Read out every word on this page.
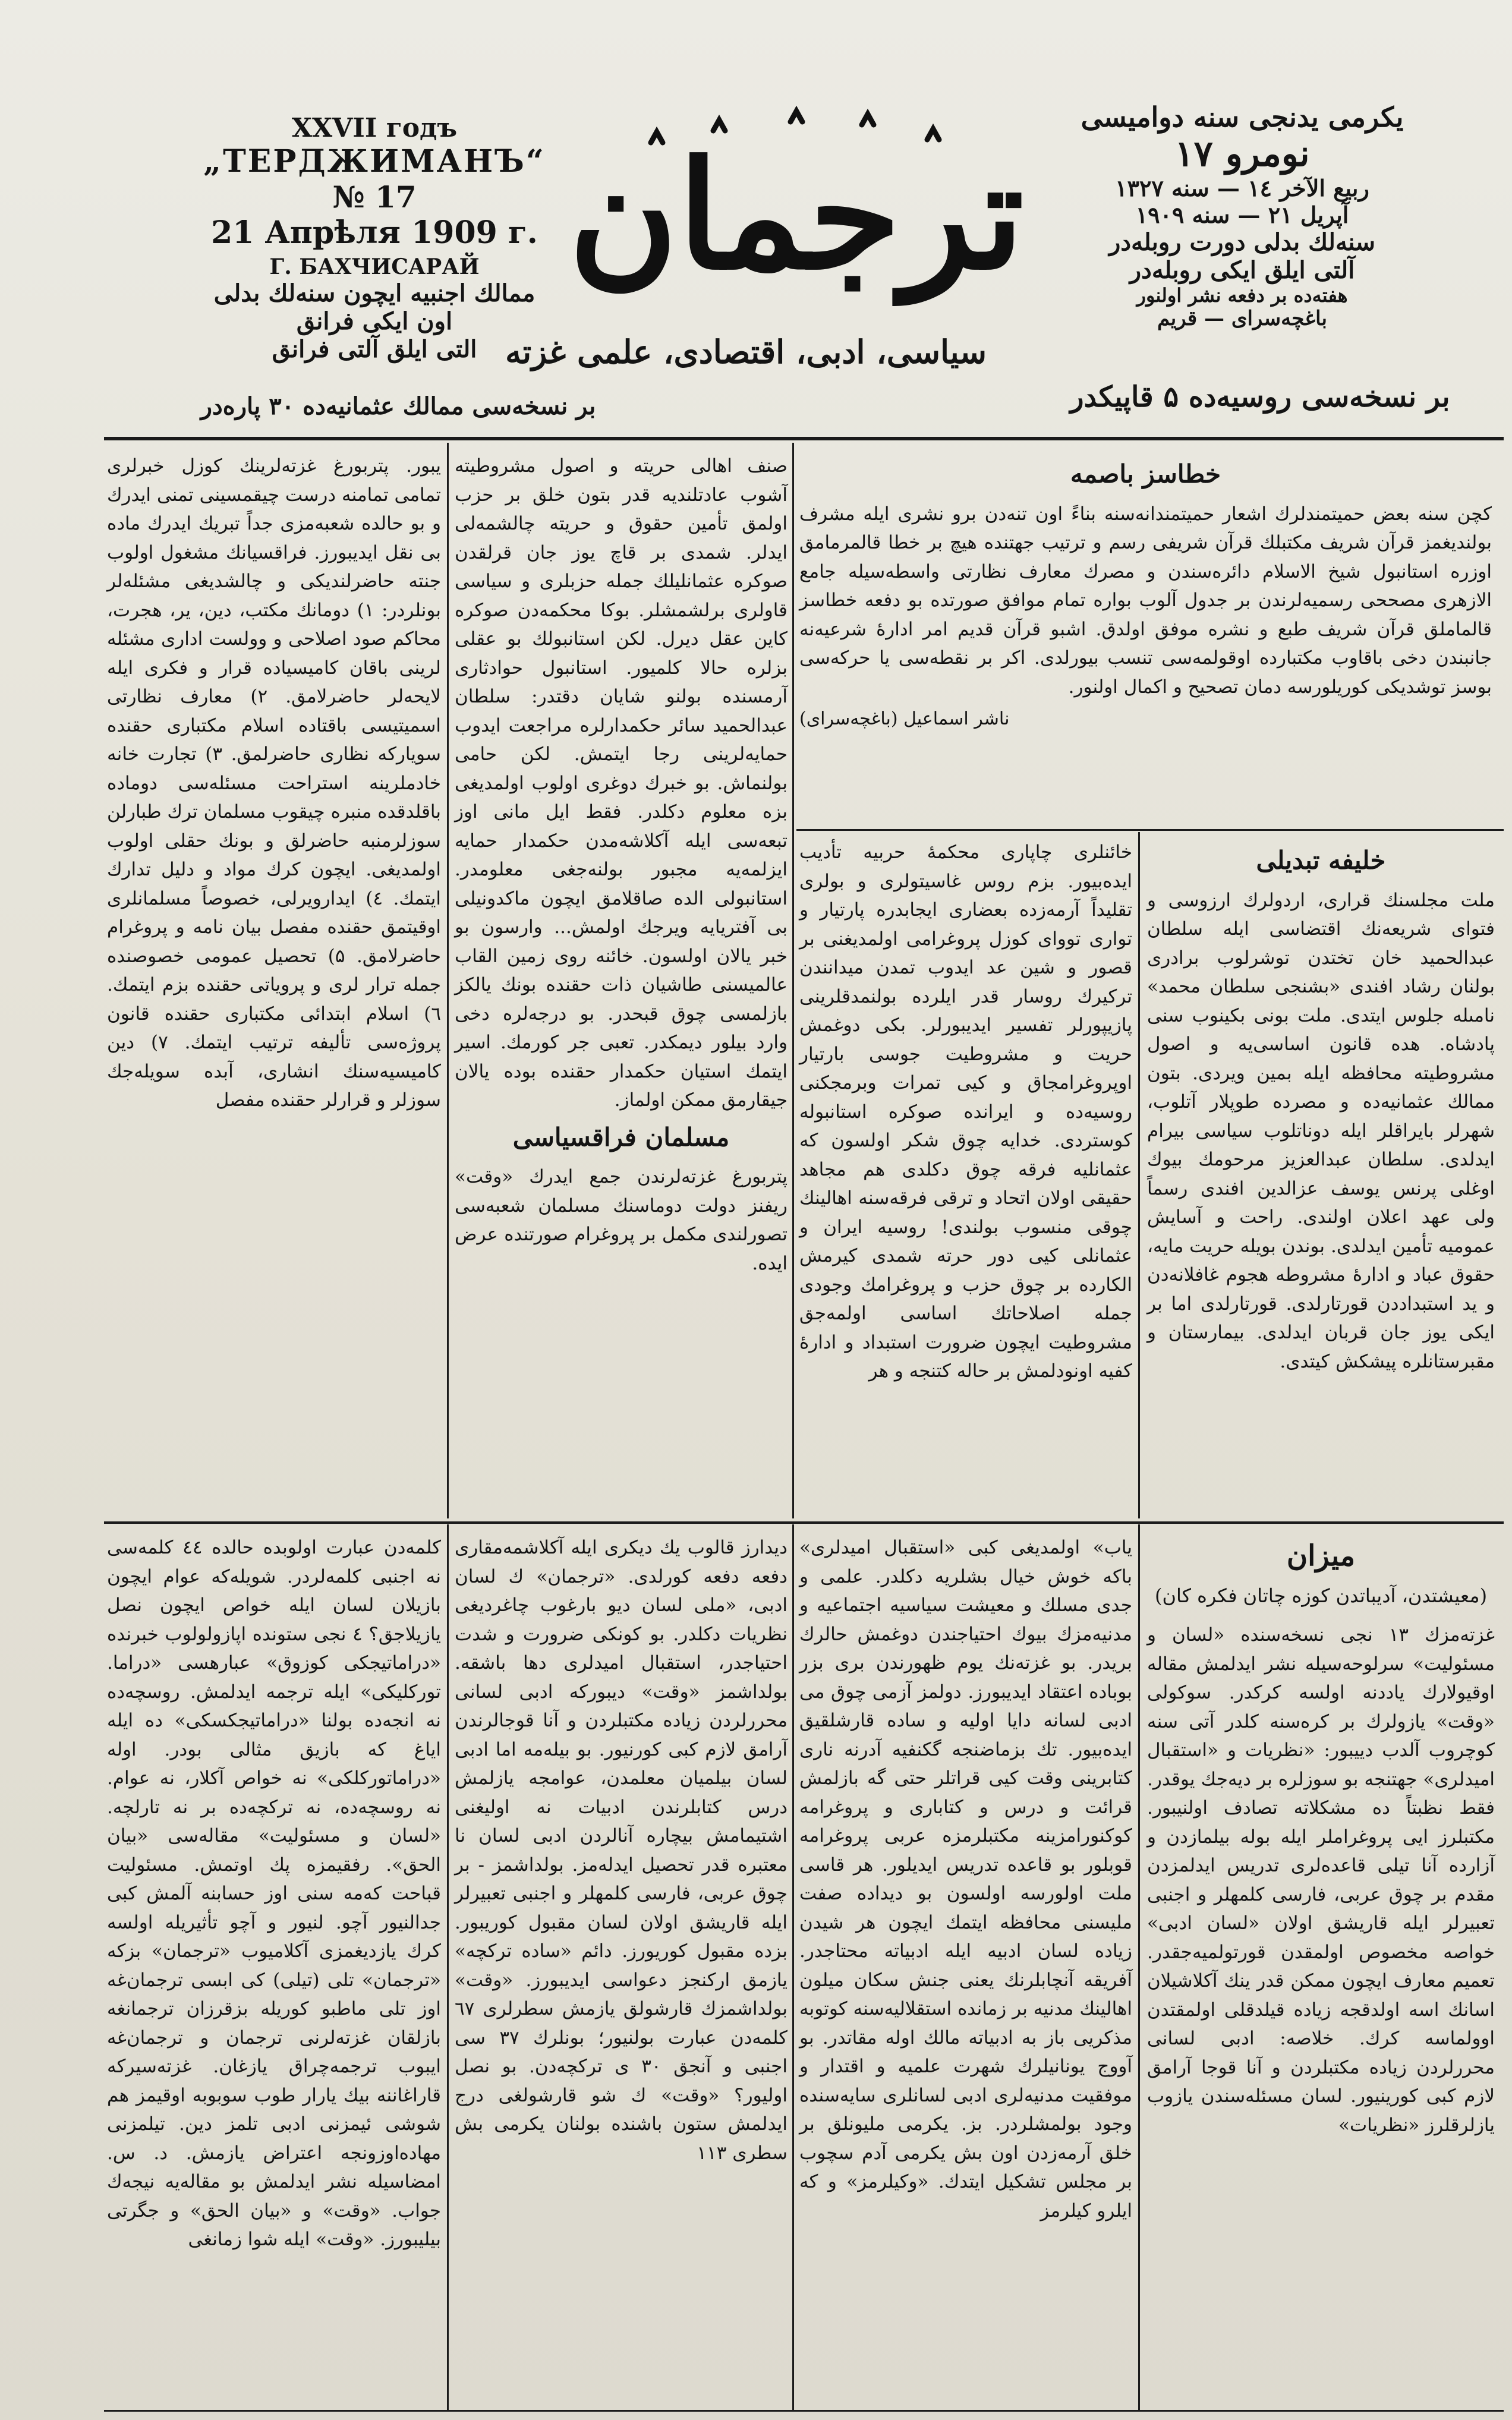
XXVII годъ
„ТЕРДЖИМАНЪ“
№ 17
21 Апрѣля 1909 г.
Г. БАХЧИСАРАЙ
ممالك اجنبيه ايچون سنه‌لك بدلى
اون ايكى فرانق
التى ايلق آلتى فرانق
ترجمان
سياسى، ادبى، اقتصادى، علمى غزته
يكرمى يدنجى سنه دواميسى
نومرو ۱۷
ربيع الآخر ۱٤ — سنه ۱۳۲۷
آپريل ۲۱ — سنه ۱۹۰۹
سنه‌لك بدلى دورت روبله‌در
آلتى ايلق ايكى روبله‌در
هفته‌ده بر دفعه نشر اولنور
باغچه‌سراى — قريم
بر نسخه‌سى ممالك عثمانيه‌ده ۳۰ پاره‌در	بر نسخه‌سى روسيه‌ده ۵ قاپيكدر
خطاسز باصمه

كچن سنه بعض حميتمندلرك اشعار حميتمندانه‌سنه بناءً اون تنه‌دن برو نشرى ايله مشرف بولنديغمز قرآن شريف مكتبلك قرآن شريفى رسم و ترتيب جهتنده هيچ بر خطا قالمرمامق اوزره استانبول شيخ الاسلام دائره‌سندن و مصرك معارف نظارتى واسطه‌سيله جامع الازهرى مصححى رسميه‌لرندن بر جدول آلوب بواره تمام موافق صورتده بو دفعه خطاسز قالماملق قرآن شريف طبع و نشره موفق اولدق. اشبو قرآن قديم امر ادارهٔ شرعيه‌نه جانبندن دخى باقاوب مكتبارده اوقولمه‌سى تنسب بيورلدى. اكر بر نقطه‌سى يا حركه‌سى بوسز توشديكى كوريلورسه دمان تصحيح و اكمال اولنور.

ناشر اسماعيل (باغچه‌سراى)
خليفه تبديلى

ملت مجلسنك قرارى، اردولرك ارزوسى و فتواى شريعه‌نك اقتضاسى ايله سلطان عبدالحميد خان تختدن توشرلوب برادرى بولنان رشاد افندى «بشنجى سلطان محمد» نامىله جلوس ايتدى. ملت بونى بكينوب سنى پادشاه. هده قانون اساسى‌يه و اصول مشروطيته محافظه ايله بمين ويردى. بتون ممالك عثمانيه‌ده و مصرده طوپلار آتلوب، شهرلر بايراقلر ايله دوناتلوب سياسى بيرام ايدلدى. سلطان عبدالعزيز مرحومك بيوك اوغلى پرنس يوسف عزالدين افندى رسماً ولى عهد اعلان اولندى. راحت و آسايش عموميه تأمين ايدلدى. بوندن بويله حريت مايه، حقوق عباد و ادارهٔ مشروطه هجوم غافلانه‌دن و يد استبداددن قورتارلدى. قورتارلدى اما بر ايكى يوز جان قربان ايدلدى. بيمارستان و مقبرستانلره پيشكش كيتدى.

خائنلرى چاپارى محكمهٔ حربيه تأديب ايده‌بيور. بزم روس غاسيتولرى و بولرى تقليداً آرمه‌زده بعضارى ايجابدره پارتيار و توارى توواى كوزل پروغرامى اولمديغنى بر قصور و شين عد ايدوب تمدن ميدانندن تركيرك روسار قدر ايلرده بولنمدقلرينى پازيپورلر تفسير ايديبورلر. بكى دوغمش حريت و مشروطيت جوسى بارتيار اوپروغرامجاق و كيى تمرات وبرمجكنى روسيه‌ده و ايرانده صوكره استانبوله كوستردى. خدايه چوق شكر اولسون كه عثمانليه فرقه چوق دكلدى هم مجاهد حقيقى اولان اتحاد و ترقى فرقه‌سنه اهالينك چوقى منسوب بولندى! روسيه ايران و عثمانلى كيى دور حرته شمدى كيرمش الكارده بر چوق حزب و پروغرامك وجودى جمله اصلاحاتك اساسى اولمه‌جق مشروطيت ايچون ضرورت استبداد و ادارهٔ كفيه اونودلمش بر حاله كتنجه و هر

صنف اهالى حريته و اصول مشروطيته آشوب عادتلنديه قدر بتون خلق بر حزب اولمق تأمين حقوق و حريته چالشمه‌لى ايدلر. شمدى بر قاچ يوز جان قرلقدن صوكره عثمانليلك جمله حزبلرى و سياسى قاولرى برلشمشلر. بوكا محكمه‌دن صوكره كاين عقل ديرل. لكن استانبولك بو عقلى بزلره حالا كلميور. استانبول حوادثارى آرمسنده بولنو شايان دقتدر: سلطان عبدالحميد سائر حكمدارلره مراجعت ايدوب حمايه‌لرينى رجا ايتمش. لكن حامى بولنماش. بو خبرك دوغرى اولوب اولمديغى بزه معلوم دكلدر. فقط ايل مانى اوز تبعه‌سى ايله آكلاشه‌مدن حكمدار حمايه ايزلمه‌يه مجبور بولنه‌جغى معلومدر. استانبولى الده صاقلامق ايچون ماكدونيلى بى آفتريايه ويرجك اولمش... وارسون بو خبر يالان اولسون. خائنه روى زمين القاب عالميسنى طاشيان ذات حقنده بونك يالكز بازلمسى چوق قبحدر. بو درجه‌لره دخى وارد بيلور ديمكدر. تعبى جر كورمك. اسير ايتمك استيان حكمدار حقنده بوده يالان جيقارمق ممكن اولماز.

مسلمان فراقسياسى

پتربورغ غزته‌لرندن جمع ايدرك «وقت» ريفنز دولت دوماسنك مسلمان شعبه‌سى تصورلندى مكمل بر پروغرام صورتنده عرض ايده.

يبور. پتربورغ غزته‌لرينك كوزل خبرلرى تمامى تمامنه درست چيقمسينى تمنى ايدرك و بو حالده شعبه‌مزى جداً تبريك ايدرك ماده بى نقل ايديبورز. فراقسيانك مشغول اولوب جنته حاضرلنديكى و چالشديغى مشئله‌لر بونلردر: ۱) دومانك مكتب، دين، ير، هجرت، محاكم صود اصلاحى و وولست ادارى مشئله لرينى باقان كاميسياده قرار و فكرى ايله لايحه‌لر حاضرلامق. ۲) معارف نظارتى اسميتيسى باقتاده اسلام مكتبارى حقنده سوياركه نظارى حاضرلمق. ۳) تجارت خانه خادملرينه استراحت مسئله‌سى دوماده باقلدقده منبره چيقوب مسلمان ترك طبارلن سوزلرمنبه حاضرلق و بونك حقلى اولوب اولمديغى. ايچون كرك مواد و دليل تدارك ايتمك. ٤) ايدارويرلى، خصوصاً مسلمانلرى اوقيتمق حقنده مفصل بيان نامه و پروغرام حاضرلامق. ۵) تحصيل عمومى خصوصنده جمله ترار لرى و پروياتى حقنده بزم ايتمك. ٦) اسلام ابتدائى مكتبارى حقنده قانون پروژه‌سى تأليفه ترتيب ايتمك. ۷) دين كاميسيه‌سنك انشارى، آبده سويله‌جك سوزلر و قرارلر حقنده مفصل

ميزان
(معيشتدن، آديباتدن كوزه چاتان فكره كان)

غزته‌مزك ۱۳ نجى نسخه‌سنده «لسان و مسئوليت» سرلوحه‌سيله نشر ايدلمش مقاله اوقيولارك ياددنه اولسه كركدر. سوكولى «وقت» يازولرك بر كره‌سنه كلدر آتى سنه كوچروب آلدب دييبور: «نظريات و «استقبال اميدلرى» جهتنجه بو سوزلره بر ديه‌جك يوقدر. فقط نظبتاً ده مشكلاته تصادف اولنيبور. مكتبلرز ايى پروغراملر ايله بوله بيلمازدن و آزارده آنا تيلى قاعده‌لرى تدريس ايدلمزدن مقدم بر چوق عربى، فارسى كلمهلر و اجنبى تعبيرلر ايله قاريشق اولان «لسان ادبى» خواصه مخصوص اولمقدن قورتولميه‌جقدر. تعميم معارف ايچون ممكن قدر ينك آكلاشيلان اسانك اسه اولدقجه زياده قيلدقلى اولمقتدن اوولماسه كرك. خلاصه: ادبى لسانى محررلردن زياده مكتبلردن و آنا قوجا آرامق لازم كبى كورينيور. لسان مسئله‌سندن يازوب يازلرقلرز «نظريات»

ياب» اولمديغى كبى «استقبال اميدلرى» باكه خوش خيال بشلريه دكلدر. علمى و جدى مسلك و معيشت سياسيه اجتماعيه و مدنيه‌مزك بيوك احتياجندن دوغمش حالرك بريدر. بو غزته‌نك يوم ظهورندن برى بزر بوباده اعتقاد ايديبورز. دولمز آزمى چوق مى ادبى لسانه دايا اوليه و ساده قارشلقيق ايده‌بيور. تك بزماضنجه گكنفيه آدرنه نارى كتابرينى وقت كيى قراتلر حتى گه بازلمش قرائت و درس و كتابارى و پروغرامه كوكنورامزينه مكتبلرمزه عربى پروغرامه قوبلور بو قاعده تدريس ايديلور. هر قاسى ملت اولورسه اولسون بو ديداده صفت مليسنى محافظه ايتمك ايچون هر شيدن زياده لسان ادبيه ايله ادبياته محتاجدر. آفريقه آنچابلرنك يعنى جنش سكان ميلون اهالينك مدنيه بر زمانده استقلاليه‌سنه كوتوبه مذكريى باز به ادبياته مالك اوله مقاتدر. بو آووج يونانيلرك شهرت علميه و اقتدار و موفقيت مدنيه‌لرى ادبى لسانلرى سايه‌سنده وجود بولمشلردر. بز. يكرمى مليونلق بر خلق آرمه‌زدن اون بش يكرمى آدم سچوب بر مجلس تشكيل ايتدك. «وكيلرمز» و كه ايلرو كيلرمز

ديدارز قالوب يك ديكرى ايله آكلاشمه‌مقارى دفعه دفعه كورلدى. «ترجمان» ك لسان ادبى، «ملى لسان ديو بارغوب چاغرديغى نظريات دكلدر. بو كونكى ضرورت و شدت احتياجدر، استقبال اميدلرى دها باشقه. بولداشمز «وقت» ديبوركه ادبى لسانى محررلردن زياده مكتبلردن و آنا قوجالرندن آرامق لازم كبى كورنيور. بو بيله‌مه اما ادبى لسان بيلميان معلمدن، عوامجه يازلمش درس كتابلرندن ادبيات نه اوليغنى اشتيمامش بيچاره آنالردن ادبى لسان نا معتبره قدر تحصيل ايدله‌مز. بولداشمز - بر چوق عربى، فارسى كلمهلر و اجنبى تعبيرلر ايله قاريشق اولان لسان مقبول كوريبور. بزده مقبول كوريورز. دائم «ساده تركچه» يازمق اركنجز دعواسى ايديبورز. «وقت» بولداشمزك قارشولق يازمش سطرلرى ٦۷ كلمه‌دن عبارت بولنيور؛ بونلرك ۳۷ سى اجنبى و آنجق ۳۰ ى تركچه‌دن. بو نصل اوليور؟ «وقت» ك شو قارشولغى درج ايدلمش ستون باشنده بولنان يكرمى بش سطرى ۱۱۳

كلمه‌دن عبارت اولوبده حالده ٤٤ كلمه‌سى نه اجنبى كلمه‌لردر. شويله‌كه عوام ايچون بازيلان لسان ايله خواص ايچون نصل يازيلاجق؟ ٤ نجى ستونده اپازولولوب خبرنده «دراماتيجكى كوزوق» عبارهسى «دراما. توركليكى» ايله ترجمه ايدلمش. روسچه‌ده نه انجه‌ده بولنا «دراماتيجكسكى» ده ايله اياغ كه بازيق مثالى بودر. اوله «دراماتوركلكى» نه خواص آكلار، نه عوام. نه روسچه‌ده، نه تركچه‌ده بر نه تارلچه. «لسان و مسئوليت» مقاله‌سى «بيان الحق». رفقيمزه پك اوتمش. مسئوليت قباحت كه‌مه سنى اوز حسابنه آلمش كبى جدالنيور آچو. لنيور و آچو تأثيريله اولسه كرك يازديغمزى آكلاميوب «ترجمان» بزكه «ترجمان» تلى (تيلى) كى ابسى ترجمان‌غه اوز تلى ماطبو كوريله بزقرزان ترجمانغه بازلقان غزته‌لرنى ترجمان و ترجمان‌غه ايبوب ترجمه‌چراق يازغان. غزته‌سيركه قاراغاننه بيك يارار طوب سوبوبه اوقيمز هم شوشى ئيمزنى ادبى تلمز دين. تيلمزنى مهاده‌اوزونجه اعتراض يازمش. د. س. امضاسيله نشر ايدلمش بو مقاله‌يه نيجه‌ك جواب. «وقت» و «بيان الحق» و جگرتى بيليبورز. «وقت» ايله شوا زمانغى
